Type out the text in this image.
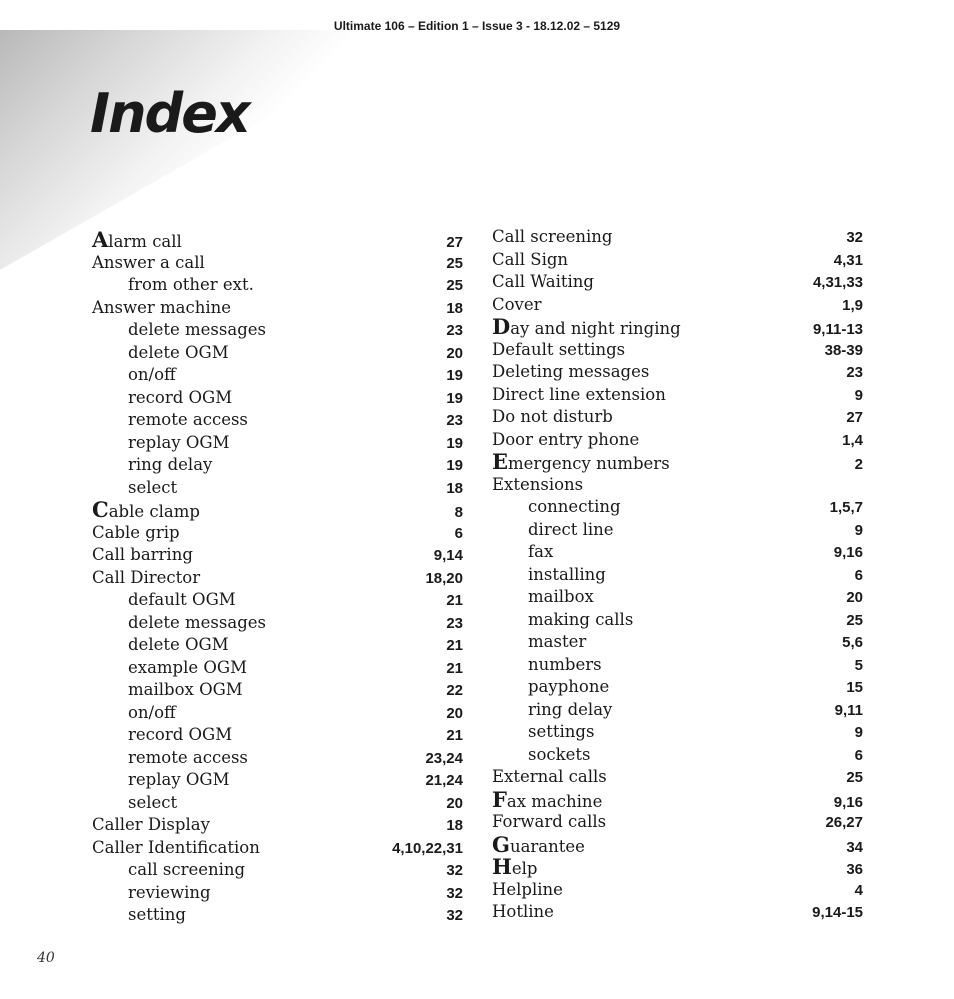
Ultimate 106 – Edition 1 – Issue 3 - 18.12.02 – 5129
Index
Alarm call	27
Answer a call	25
from other ext.	25
Answer machine	18
delete messages	23
delete OGM	20
on/off	19
record OGM	19
remote access	23
replay OGM	19
ring delay	19
select	18
Cable clamp	8
Cable grip	6
Call barring	9,14
Call Director	18,20
default OGM	21
delete messages	23
delete OGM	21
example OGM	21
mailbox OGM	22
on/off	20
record OGM	21
remote access	23,24
replay OGM	21,24
select	20
Caller Display	18
Caller Identification	4,10,22,31
call screening	32
reviewing	32
setting	32
Call screening	32
Call Sign	4,31
Call Waiting	4,31,33
Cover	1,9
Day and night ringing	9,11-13
Default settings	38-39
Deleting messages	23
Direct line extension	9
Do not disturb	27
Door entry phone	1,4
Emergency numbers	2
Extensions
connecting	1,5,7
direct line	9
fax	9,16
installing	6
mailbox	20
making calls	25
master	5,6
numbers	5
payphone	15
ring delay	9,11
settings	9
sockets	6
External calls	25
Fax machine	9,16
Forward calls	26,27
Guarantee	34
Help	36
Helpline	4
Hotline	9,14-15
40
